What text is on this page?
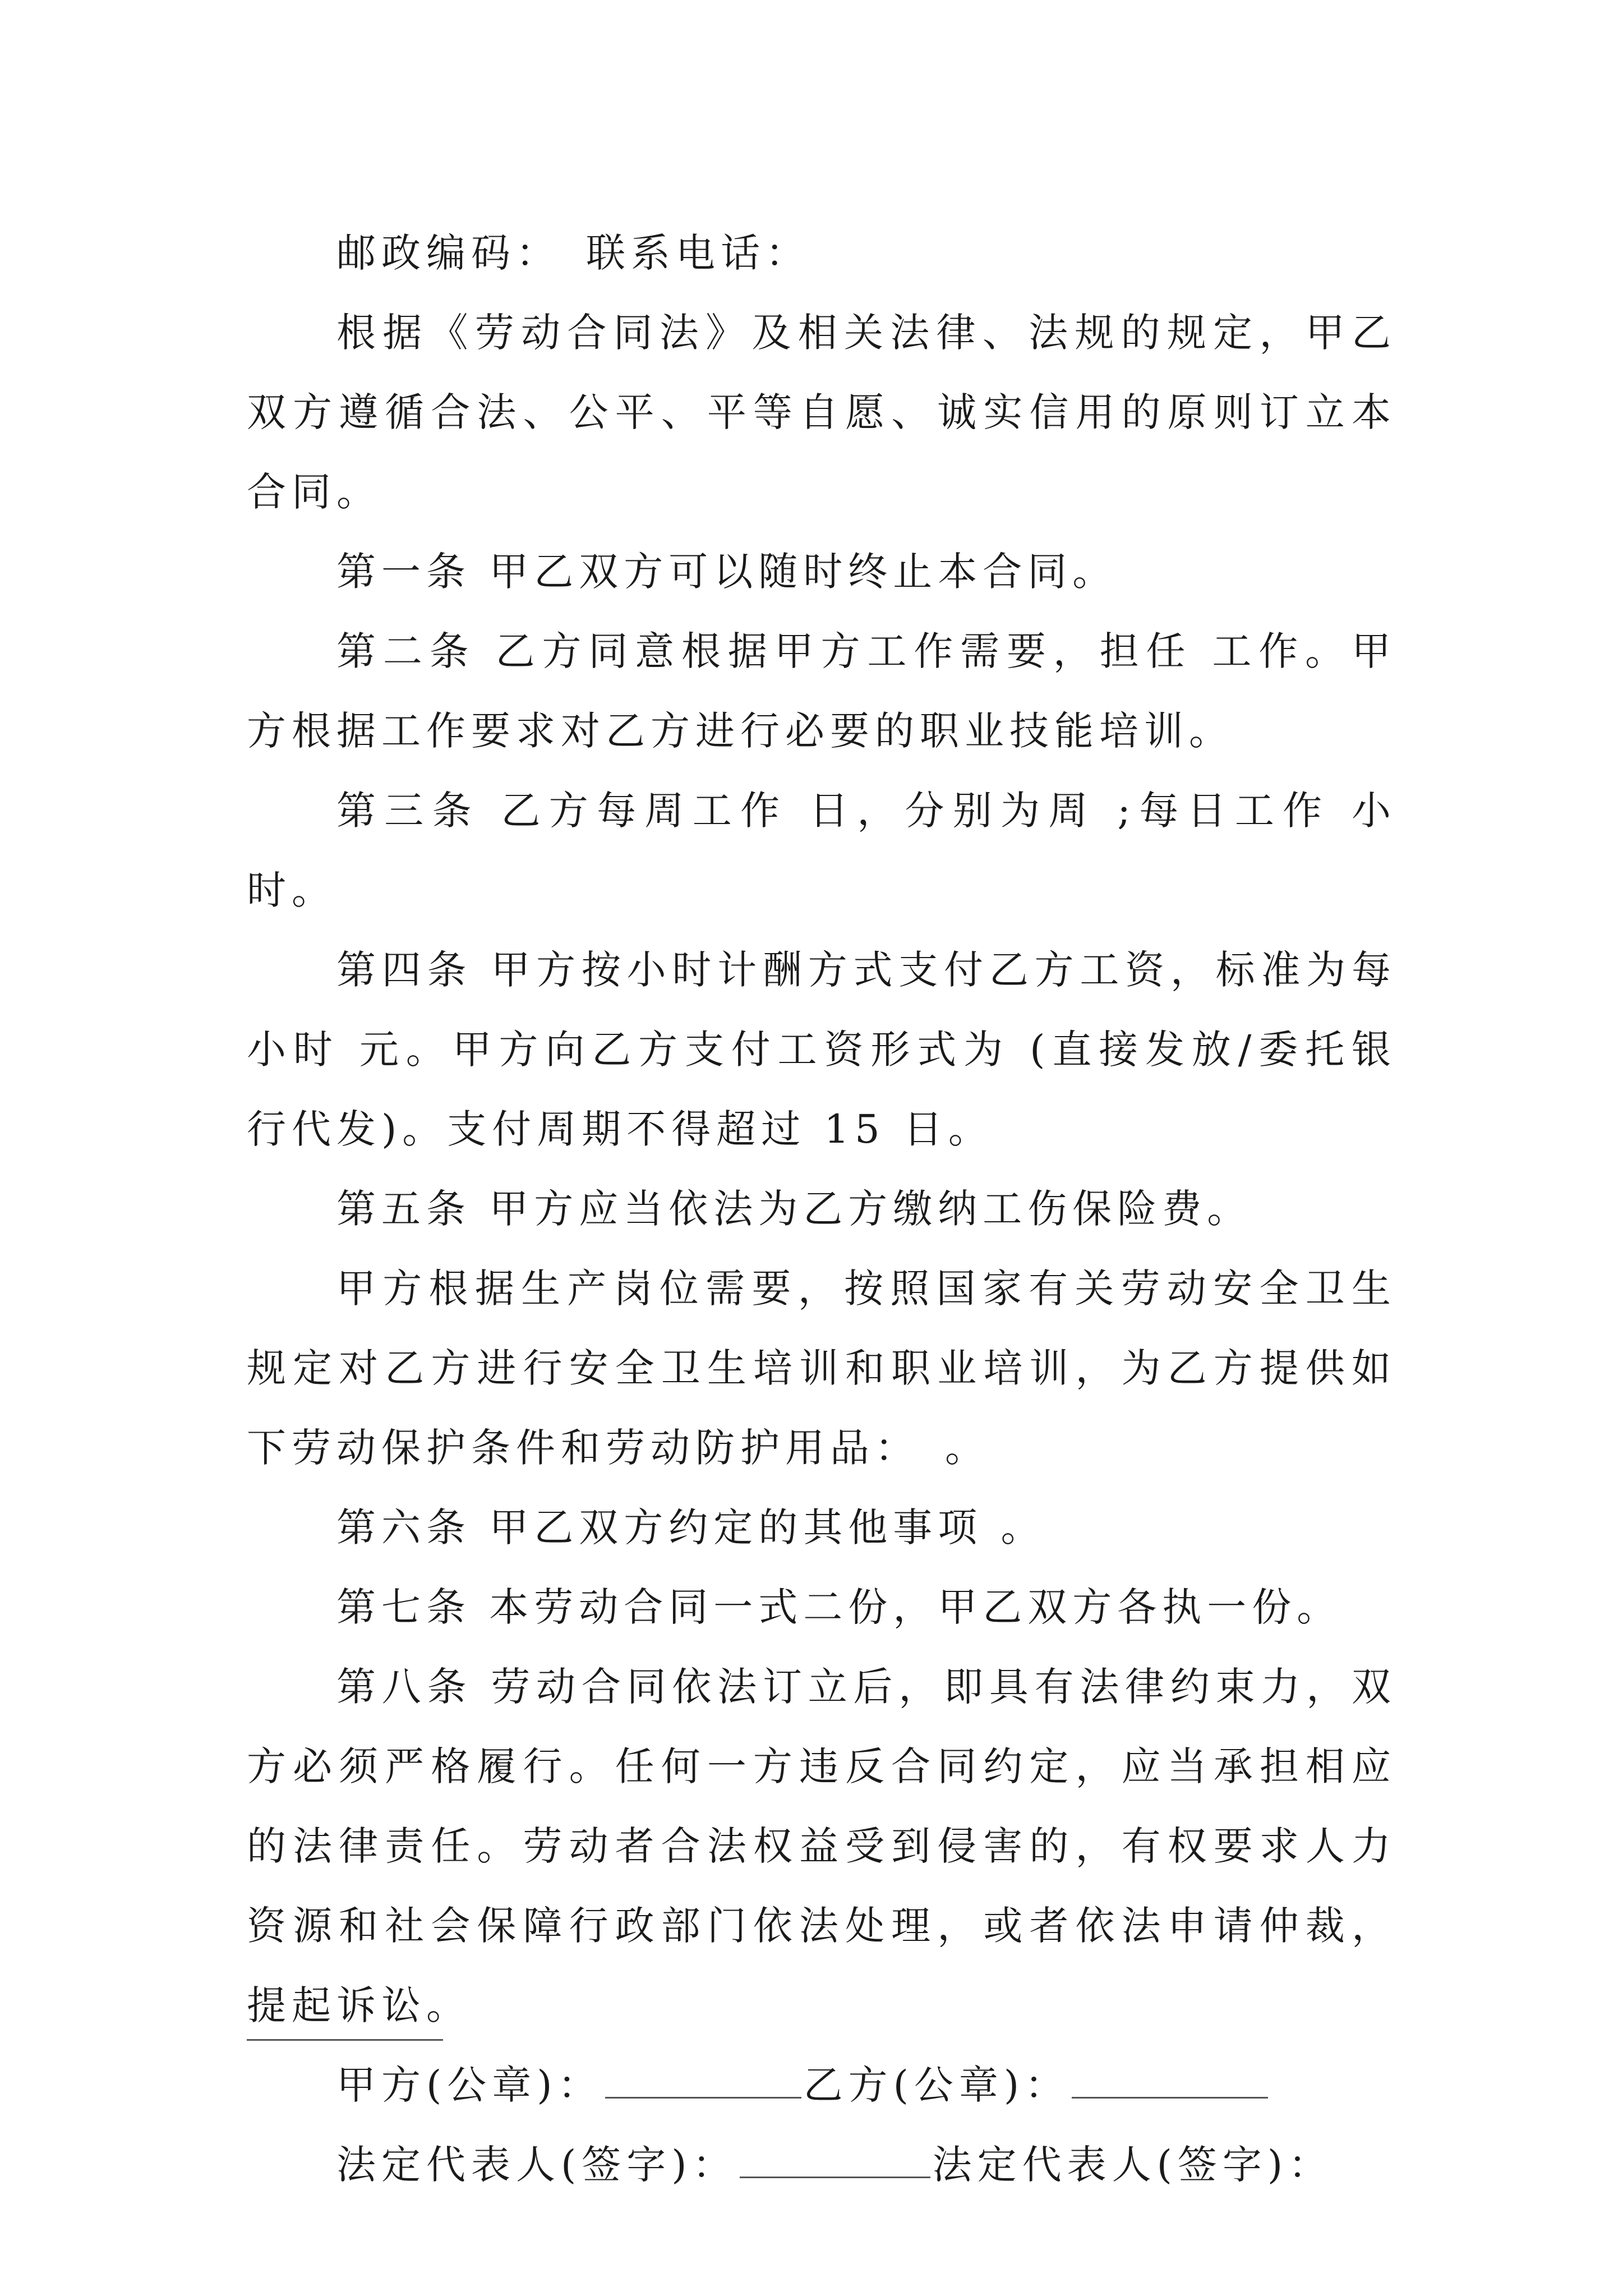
邮政编码：　联系电话：

根据《劳动合同法》及相关法律、法规的规定，甲乙双方遵循合法、公平、平等自愿、诚实信用的原则订立本合同。

第一条 甲乙双方可以随时终止本合同。

第二条 乙方同意根据甲方工作需要，担任 工作。甲方根据工作要求对乙方进行必要的职业技能培训。

第三条 乙方每周工作 日，分别为周 ;每日工作 小时。

第四条 甲方按小时计酬方式支付乙方工资，标准为每小时 元。甲方向乙方支付工资形式为 (直接发放/委托银行代发)。支付周期不得超过 15 日。

第五条 甲方应当依法为乙方缴纳工伤保险费。

甲方根据生产岗位需要，按照国家有关劳动安全卫生规定对乙方进行安全卫生培训和职业培训，为乙方提供如下劳动保护条件和劳动防护用品：　。

第六条 甲乙双方约定的其他事项 。

第七条 本劳动合同一式二份，甲乙双方各执一份。

第八条 劳动合同依法订立后，即具有法律约束力，双方必须严格履行。任何一方违反合同约定，应当承担相应的法律责任。劳动者合法权益受到侵害的，有权要求人力资源和社会保障行政部门依法处理，或者依法申请仲裁，提起诉讼。

甲方(公章)：	乙方(公章)：

法定代表人(签字)：	法定代表人(签字)：
